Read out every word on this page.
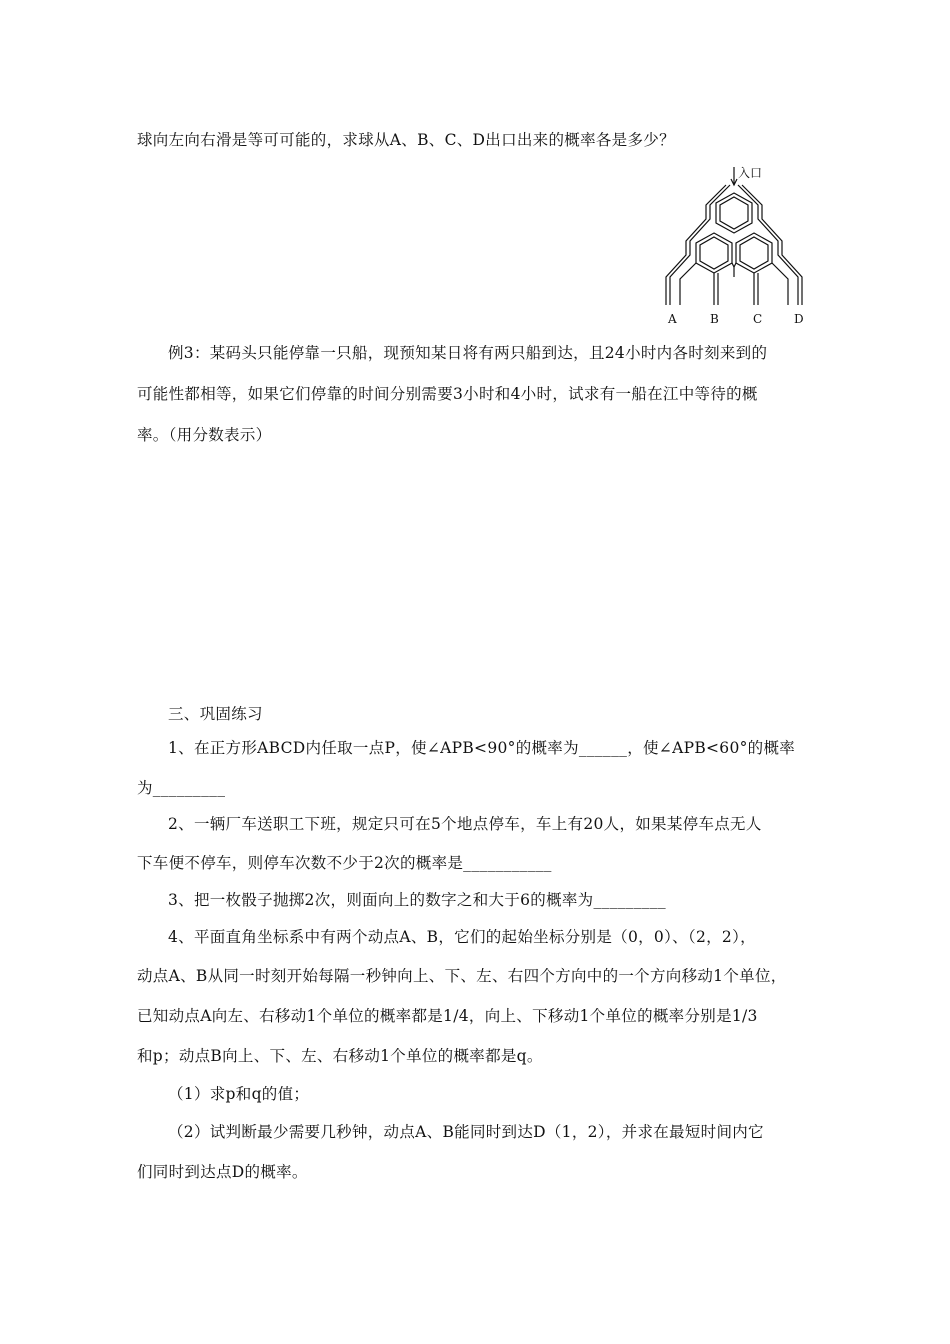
球向左向右滑是等可可能的，求球从A、B、C、D出口出来的概率各是多少？
入口
A	B	C	D
例3：某码头只能停靠一只船，现预知某日将有两只船到达，且24小时内各时刻来到的
可能性都相等，如果它们停靠的时间分别需要3小时和4小时，试求有一船在江中等待的概
率。（用分数表示）
三、巩固练习
1、在正方形ABCD内任取一点P，使∠APB<90°的概率为______，使∠APB<60°的概率
为_________
2、一辆厂车送职工下班，规定只可在5个地点停车，车上有20人，如果某停车点无人
下车便不停车，则停车次数不少于2次的概率是___________
3、把一枚骰子抛掷2次，则面向上的数字之和大于6的概率为_________
4、平面直角坐标系中有两个动点A、B，它们的起始坐标分别是（0，0）、（2，2），
动点A、B从同一时刻开始每隔一秒钟向上、下、左、右四个方向中的一个方向移动1个单位，
已知动点A向左、右移动1个单位的概率都是1/4，向上、下移动1个单位的概率分别是1/3
和p；动点B向上、下、左、右移动1个单位的概率都是q。
（1）求p和q的值；
（2）试判断最少需要几秒钟，动点A、B能同时到达D（1，2），并求在最短时间内它
们同时到达点D的概率。
